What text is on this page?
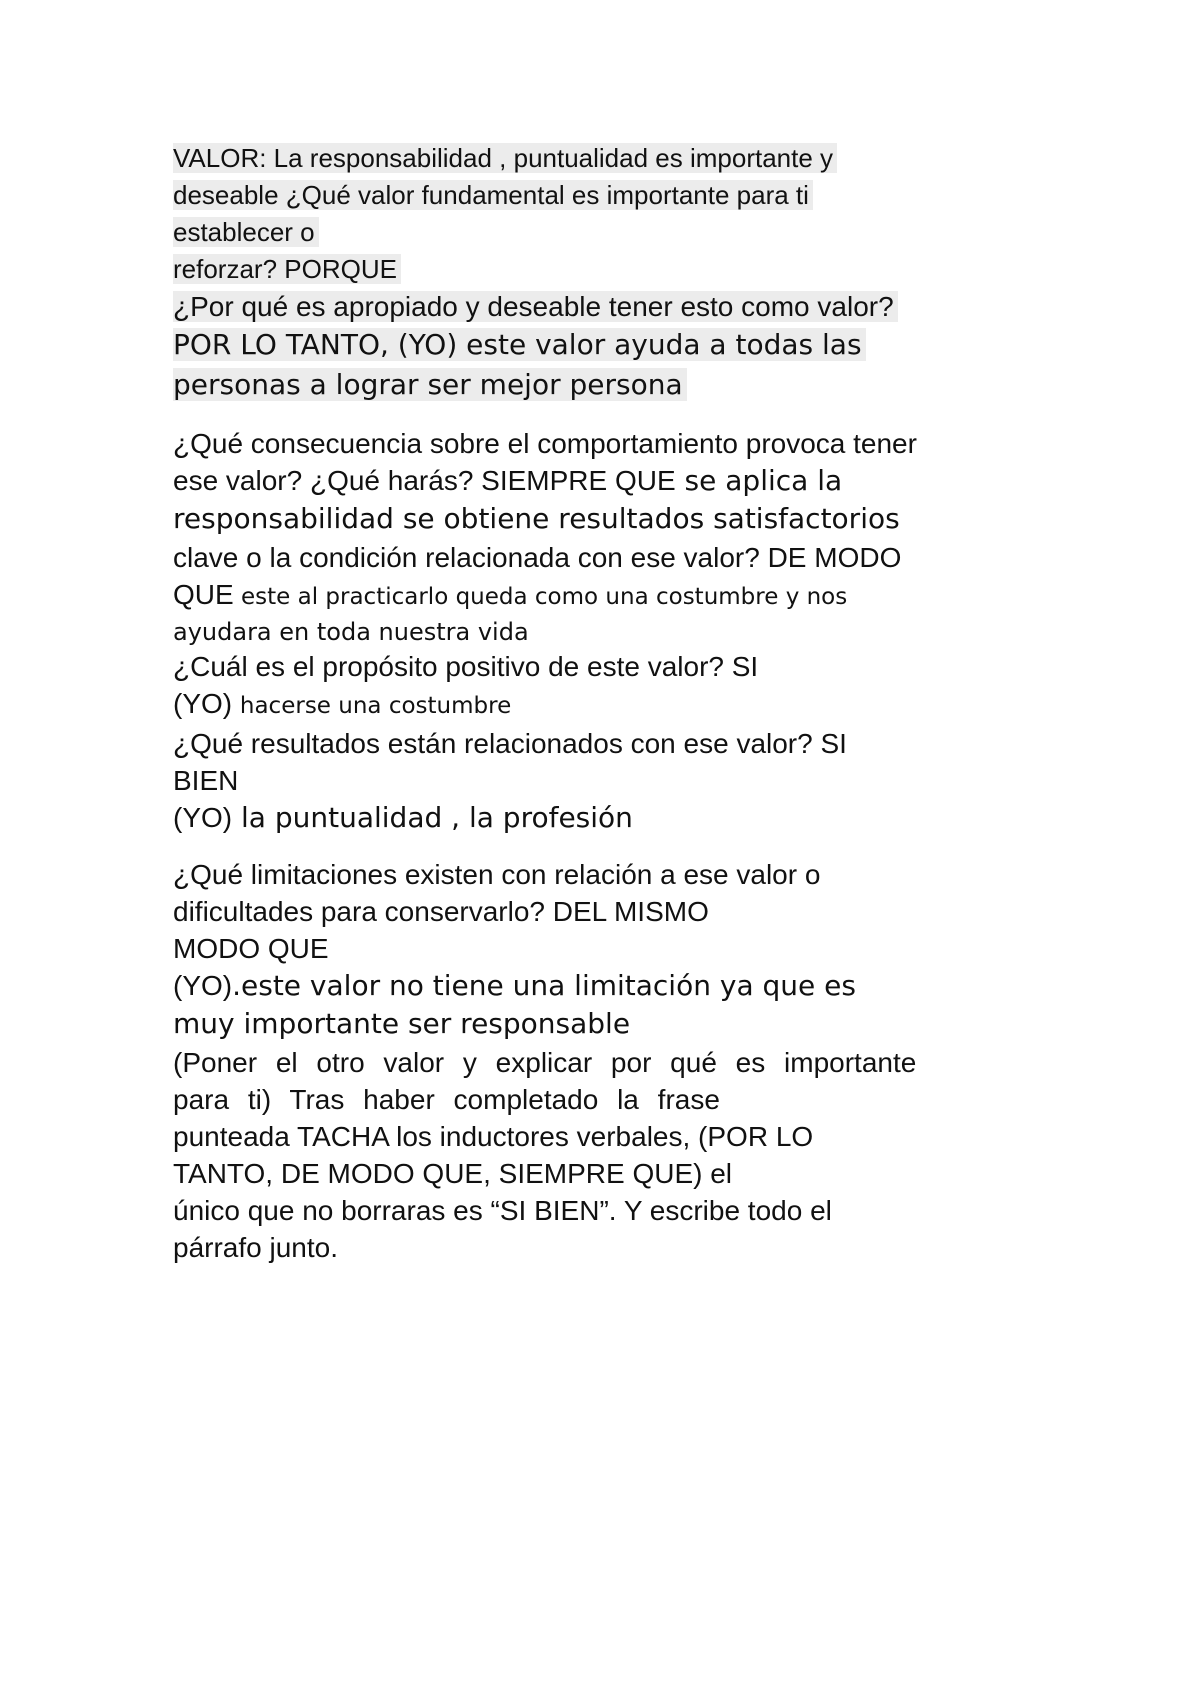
VALOR: La responsabilidad , puntualidad es importante y
deseable ¿Qué valor fundamental es importante para ti
establecer o
reforzar? PORQUE
¿Por qué es apropiado y deseable tener esto como valor?
POR LO TANTO, (YO) este valor ayuda a todas las
personas a lograr ser mejor persona
¿Qué consecuencia sobre el comportamiento provoca tener
ese valor? ¿Qué harás? SIEMPRE QUE se aplica la
responsabilidad se obtiene resultados satisfactorios
clave o la condición relacionada con ese valor? DE MODO
QUE este al practicarlo queda como una costumbre y nos
ayudara en toda nuestra vida
¿Cuál es el propósito positivo de este valor? SI
(YO) hacerse una costumbre
¿Qué resultados están relacionados con ese valor? SI
BIEN
(YO) la puntualidad , la profesión
¿Qué limitaciones existen con relación a ese valor o
dificultades para conservarlo? DEL MISMO
MODO QUE
(YO).este valor no tiene una limitación ya que es
muy importante ser responsable
(Poner el otro valor y explicar por qué es importante
para ti) Tras haber completado la frase
punteada TACHA los inductores verbales, (POR LO
TANTO, DE MODO QUE, SIEMPRE QUE) el
único que no borraras es “SI BIEN”. Y escribe todo el
párrafo junto.
